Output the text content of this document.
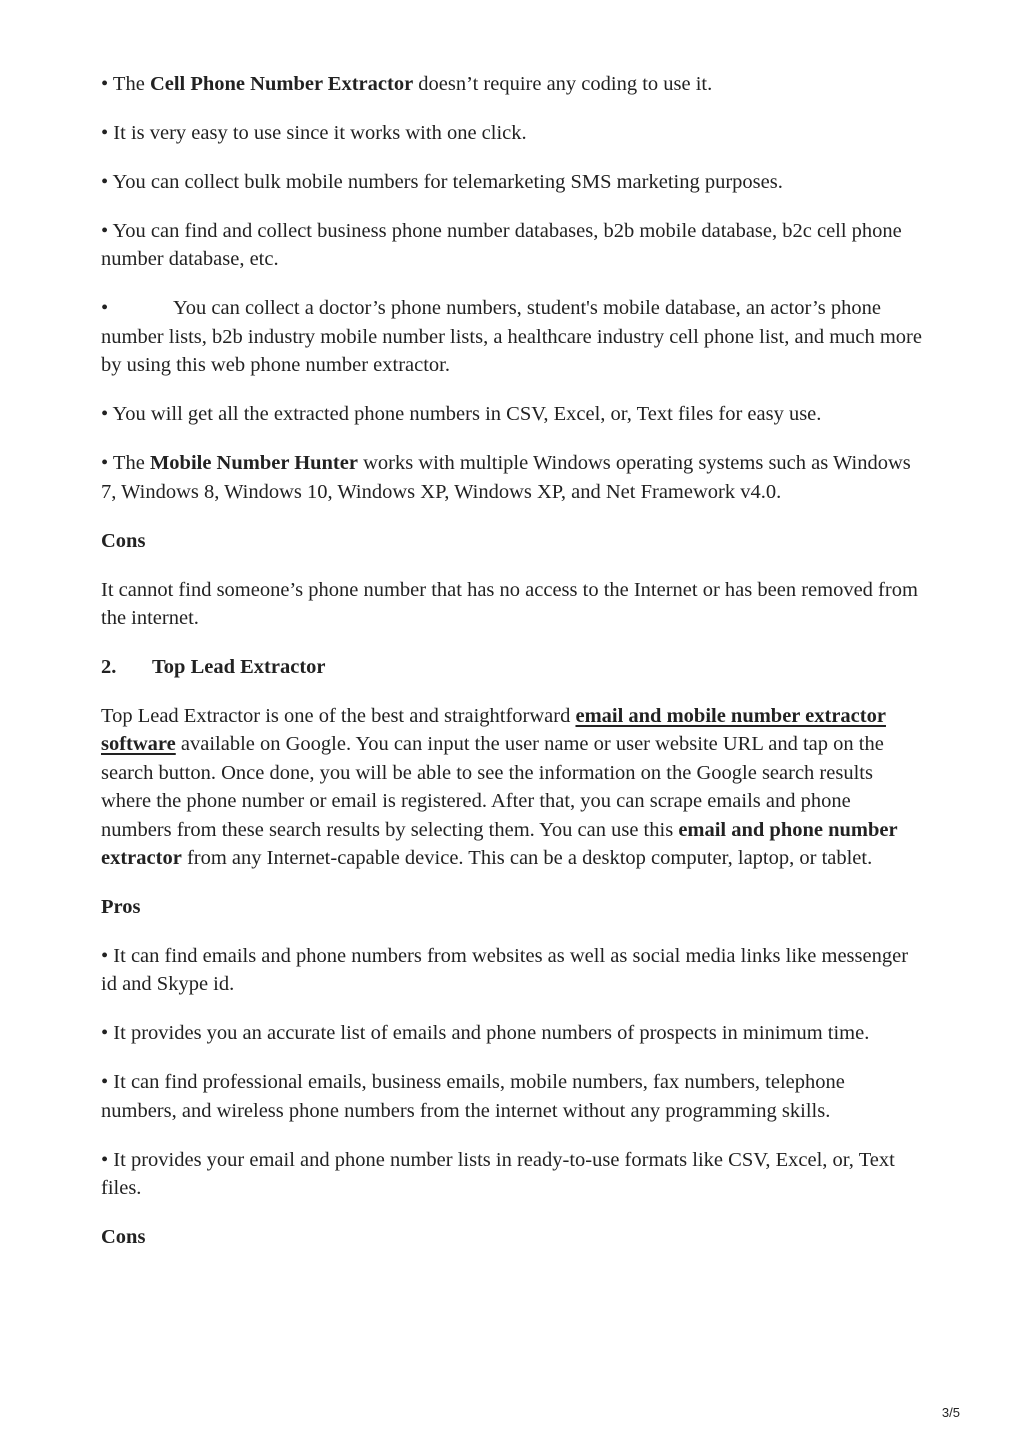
• The Cell Phone Number Extractor doesn’t require any coding to use it.

• It is very easy to use since it works with one click.

• You can collect bulk mobile numbers for telemarketing SMS marketing purposes.

• You can find and collect business phone number databases, b2b mobile database, b2c cell phone number database, etc.

•	You can collect a doctor’s phone numbers, student's mobile database, an actor’s phone number lists, b2b industry mobile number lists, a healthcare industry cell phone list, and much more by using this web phone number extractor.

• You will get all the extracted phone numbers in CSV, Excel, or, Text files for easy use.

• The Mobile Number Hunter works with multiple Windows operating systems such as Windows 7, Windows 8, Windows 10, Windows XP, Windows XP, and Net Framework v4.0.

Cons

It cannot find someone’s phone number that has no access to the Internet or has been removed from the internet.

2. Top Lead Extractor

Top Lead Extractor is one of the best and straightforward email and mobile number extractor software available on Google. You can input the user name or user website URL and tap on the search button. Once done, you will be able to see the information on the Google search results where the phone number or email is registered. After that, you can scrape emails and phone numbers from these search results by selecting them. You can use this email and phone number extractor from any Internet-capable device. This can be a desktop computer, laptop, or tablet.

Pros

• It can find emails and phone numbers from websites as well as social media links like messenger id and Skype id.

• It provides you an accurate list of emails and phone numbers of prospects in minimum time.

• It can find professional emails, business emails, mobile numbers, fax numbers, telephone numbers, and wireless phone numbers from the internet without any programming skills.

• It provides your email and phone number lists in ready-to-use formats like CSV, Excel, or, Text files.

Cons

3/5
